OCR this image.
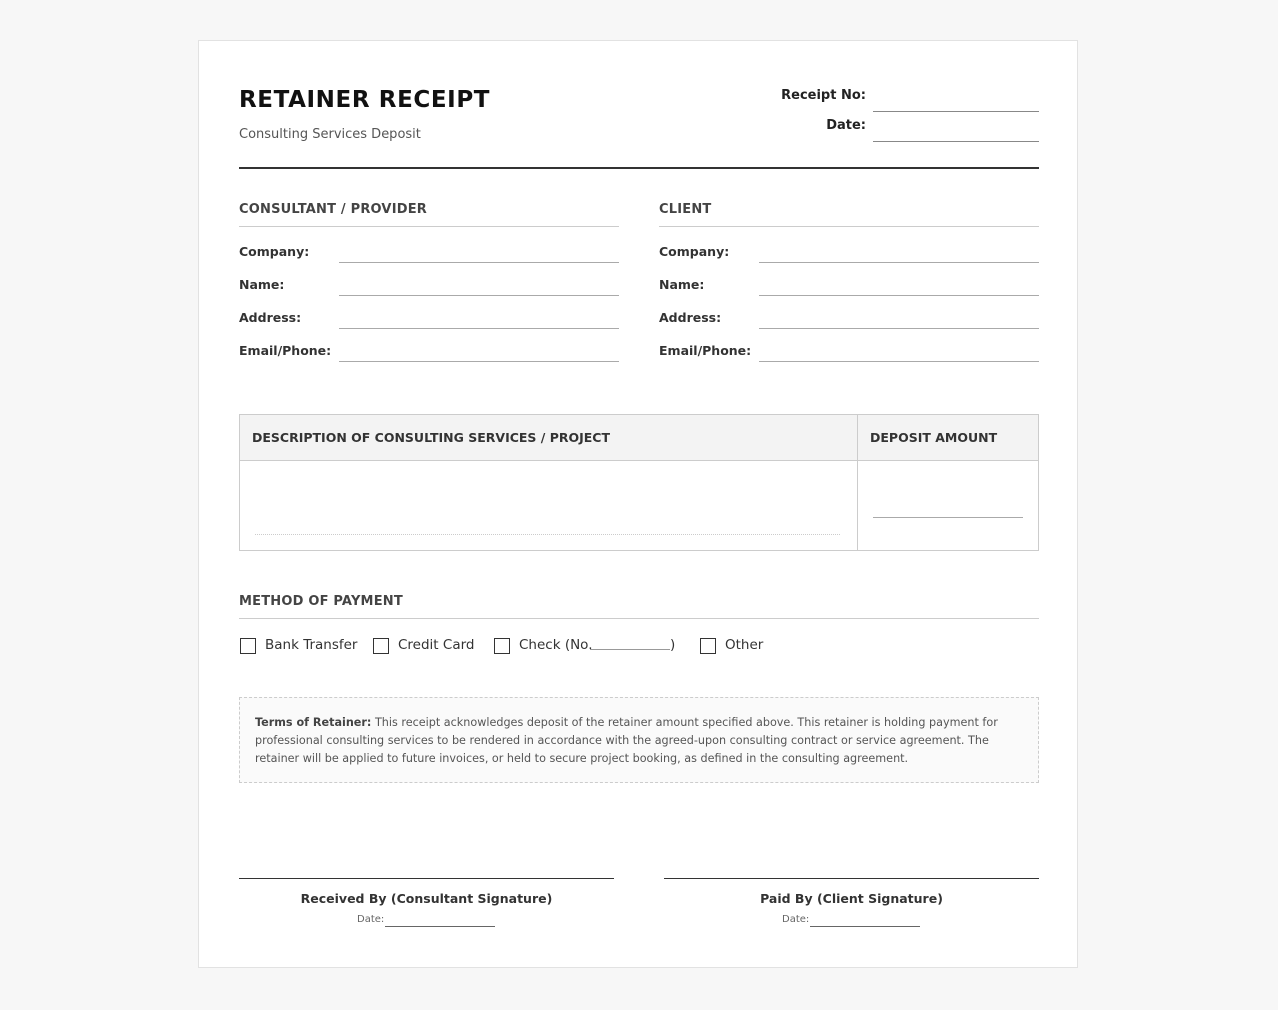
RETAINER RECEIPT
Consulting Services Deposit
Receipt No:
Date:
CONSULTANT / PROVIDER
Company:
Name:
Address:
Email/Phone:
CLIENT
Company:
Name:
Address:
Email/Phone:
DESCRIPTION OF CONSULTING SERVICES / PROJECT	DEPOSIT AMOUNT
METHOD OF PAYMENT
Bank Transfer	Credit Card	Check (No.	)	Other
Terms of Retainer: This receipt acknowledges deposit of the retainer amount specified above. This retainer is holding payment for professional consulting services to be rendered in accordance with the agreed-upon consulting contract or service agreement. The retainer will be applied to future invoices, or held to secure project booking, as defined in the consulting agreement.
Received By (Consultant Signature)
Date:
Paid By (Client Signature)
Date:
